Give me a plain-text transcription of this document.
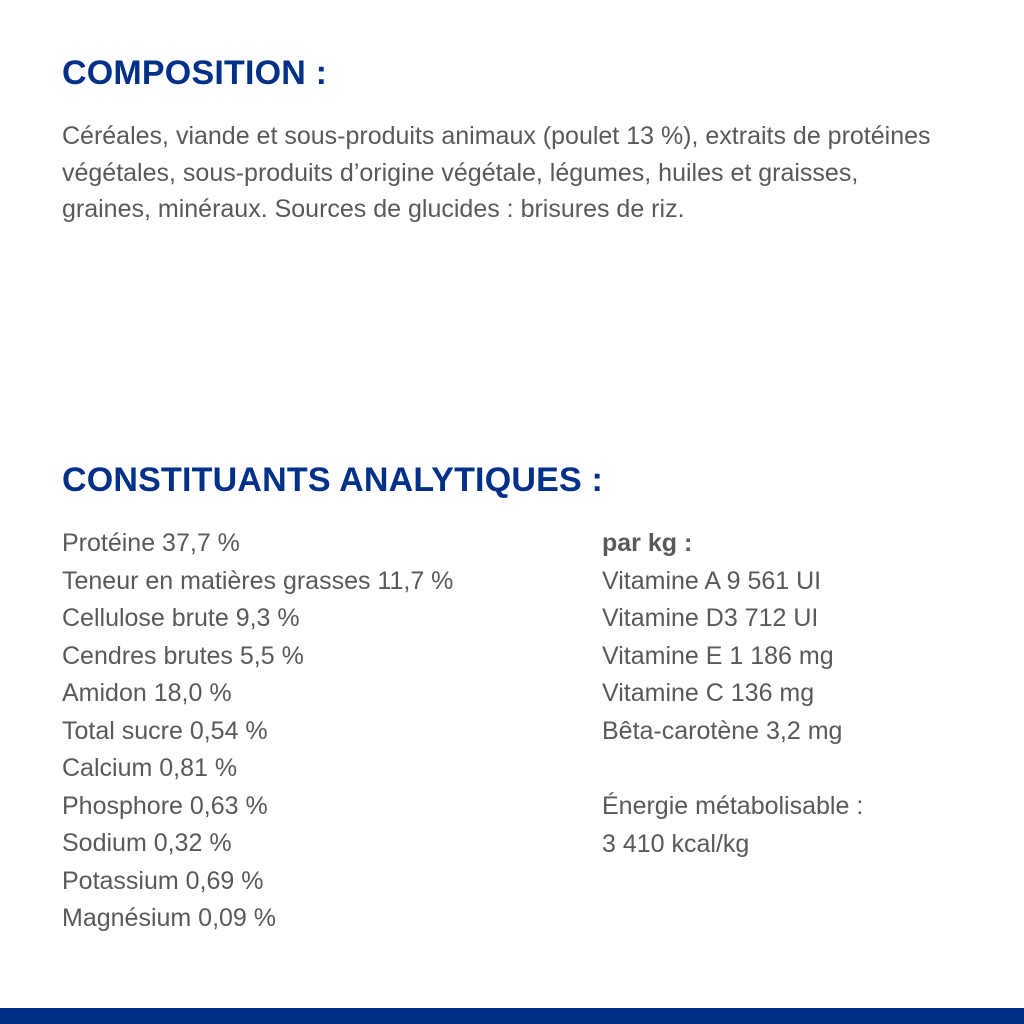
COMPOSITION :
Céréales, viande et sous-produits animaux (poulet 13 %), extraits de protéines végétales, sous-produits d’origine végétale, légumes, huiles et graisses, graines, minéraux. Sources de glucides : brisures de riz.
CONSTITUANTS ANALYTIQUES :
Protéine 37,7 %
Teneur en matières grasses 11,7 %
Cellulose brute 9,3 %
Cendres brutes 5,5 %
Amidon 18,0 %
Total sucre 0,54 %
Calcium 0,81 %
Phosphore 0,63 %
Sodium 0,32 %
Potassium 0,69 %
Magnésium 0,09 %
par kg :
Vitamine A 9 561 UI
Vitamine D3 712 UI
Vitamine E 1 186 mg
Vitamine C 136 mg
Bêta-carotène 3,2 mg
Énergie métabolisable :
3 410 kcal/kg
